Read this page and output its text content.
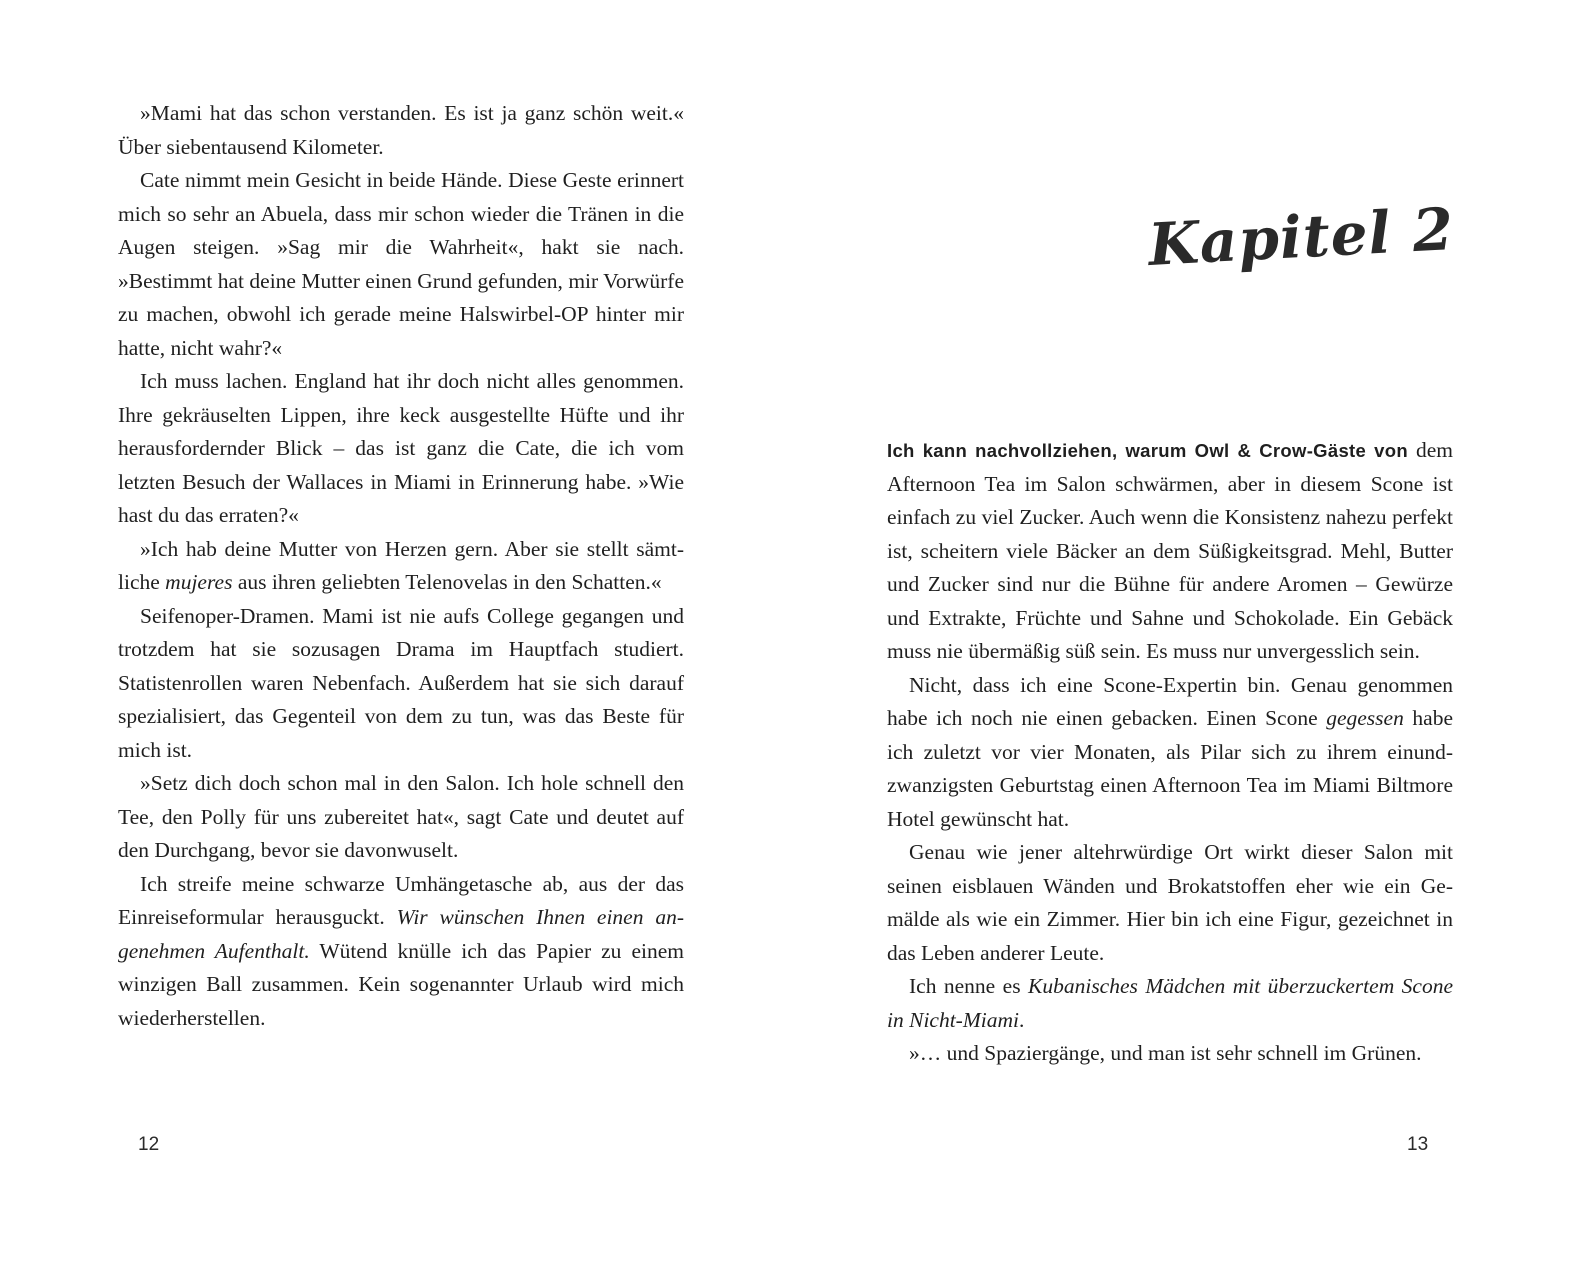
»Mami hat das schon verstanden. Es ist ja ganz schön weit.« Über siebentausend Kilometer.

Cate nimmt mein Gesicht in beide Hände. Diese Geste erinnert mich so sehr an Abuela, dass mir schon wieder die Tränen in die Augen steigen. »Sag mir die Wahrheit«, hakt sie nach. »Bestimmt hat deine Mutter einen Grund gefunden, mir Vorwürfe zu machen, obwohl ich gerade meine Halswirbel-OP hinter mir hatte, nicht wahr?«

Ich muss lachen. England hat ihr doch nicht alles genommen. Ihre gekräuselten Lippen, ihre keck ausgestellte Hüfte und ihr herausfordernder Blick – das ist ganz die Cate, die ich vom letzten Besuch der Wallaces in Miami in Erinnerung habe. »Wie hast du das erraten?«

»Ich hab deine Mutter von Herzen gern. Aber sie stellt sämtliche mujeres aus ihren geliebten Telenovelas in den Schatten.«

Seifenoper-Dramen. Mami ist nie aufs College gegangen und trotzdem hat sie sozusagen Drama im Hauptfach studiert. Statistenrollen waren Nebenfach. Außerdem hat sie sich darauf spezialisiert, das Gegenteil von dem zu tun, was das Beste für mich ist.

»Setz dich doch schon mal in den Salon. Ich hole schnell den Tee, den Polly für uns zubereitet hat«, sagt Cate und deutet auf den Durchgang, bevor sie davonwuselt.

Ich streife meine schwarze Umhängetasche ab, aus der das Einreiseformular herausguckt. Wir wünschen Ihnen einen angenehmen Aufenthalt. Wütend knülle ich das Papier zu einem winzigen Ball zusammen. Kein sogenannter Urlaub wird mich wiederherstellen.

12
Kapitel 2

Ich kann nachvollziehen, warum Owl & Crow-Gäste von dem Afternoon Tea im Salon schwärmen, aber in diesem Scone ist einfach zu viel Zucker. Auch wenn die Konsistenz nahezu perfekt ist, scheitern viele Bäcker an dem Süßigkeitsgrad. Mehl, Butter und Zucker sind nur die Bühne für andere Aromen – Gewürze und Extrakte, Früchte und Sahne und Schokolade. Ein Gebäck muss nie übermäßig süß sein. Es muss nur unvergesslich sein.

Nicht, dass ich eine Scone-Expertin bin. Genau genommen habe ich noch nie einen gebacken. Einen Scone gegessen habe ich zuletzt vor vier Monaten, als Pilar sich zu ihrem einundzwanzigsten Geburtstag einen Afternoon Tea im Miami Biltmore Hotel gewünscht hat.

Genau wie jener altehrwürdige Ort wirkt dieser Salon mit seinen eisblauen Wänden und Brokatstoffen eher wie ein Gemälde als wie ein Zimmer. Hier bin ich eine Figur, gezeichnet in das Leben anderer Leute.

Ich nenne es Kubanisches Mädchen mit überzuckertem Scone in Nicht-Miami.

»… und Spaziergänge, und man ist sehr schnell im Grünen.

13
